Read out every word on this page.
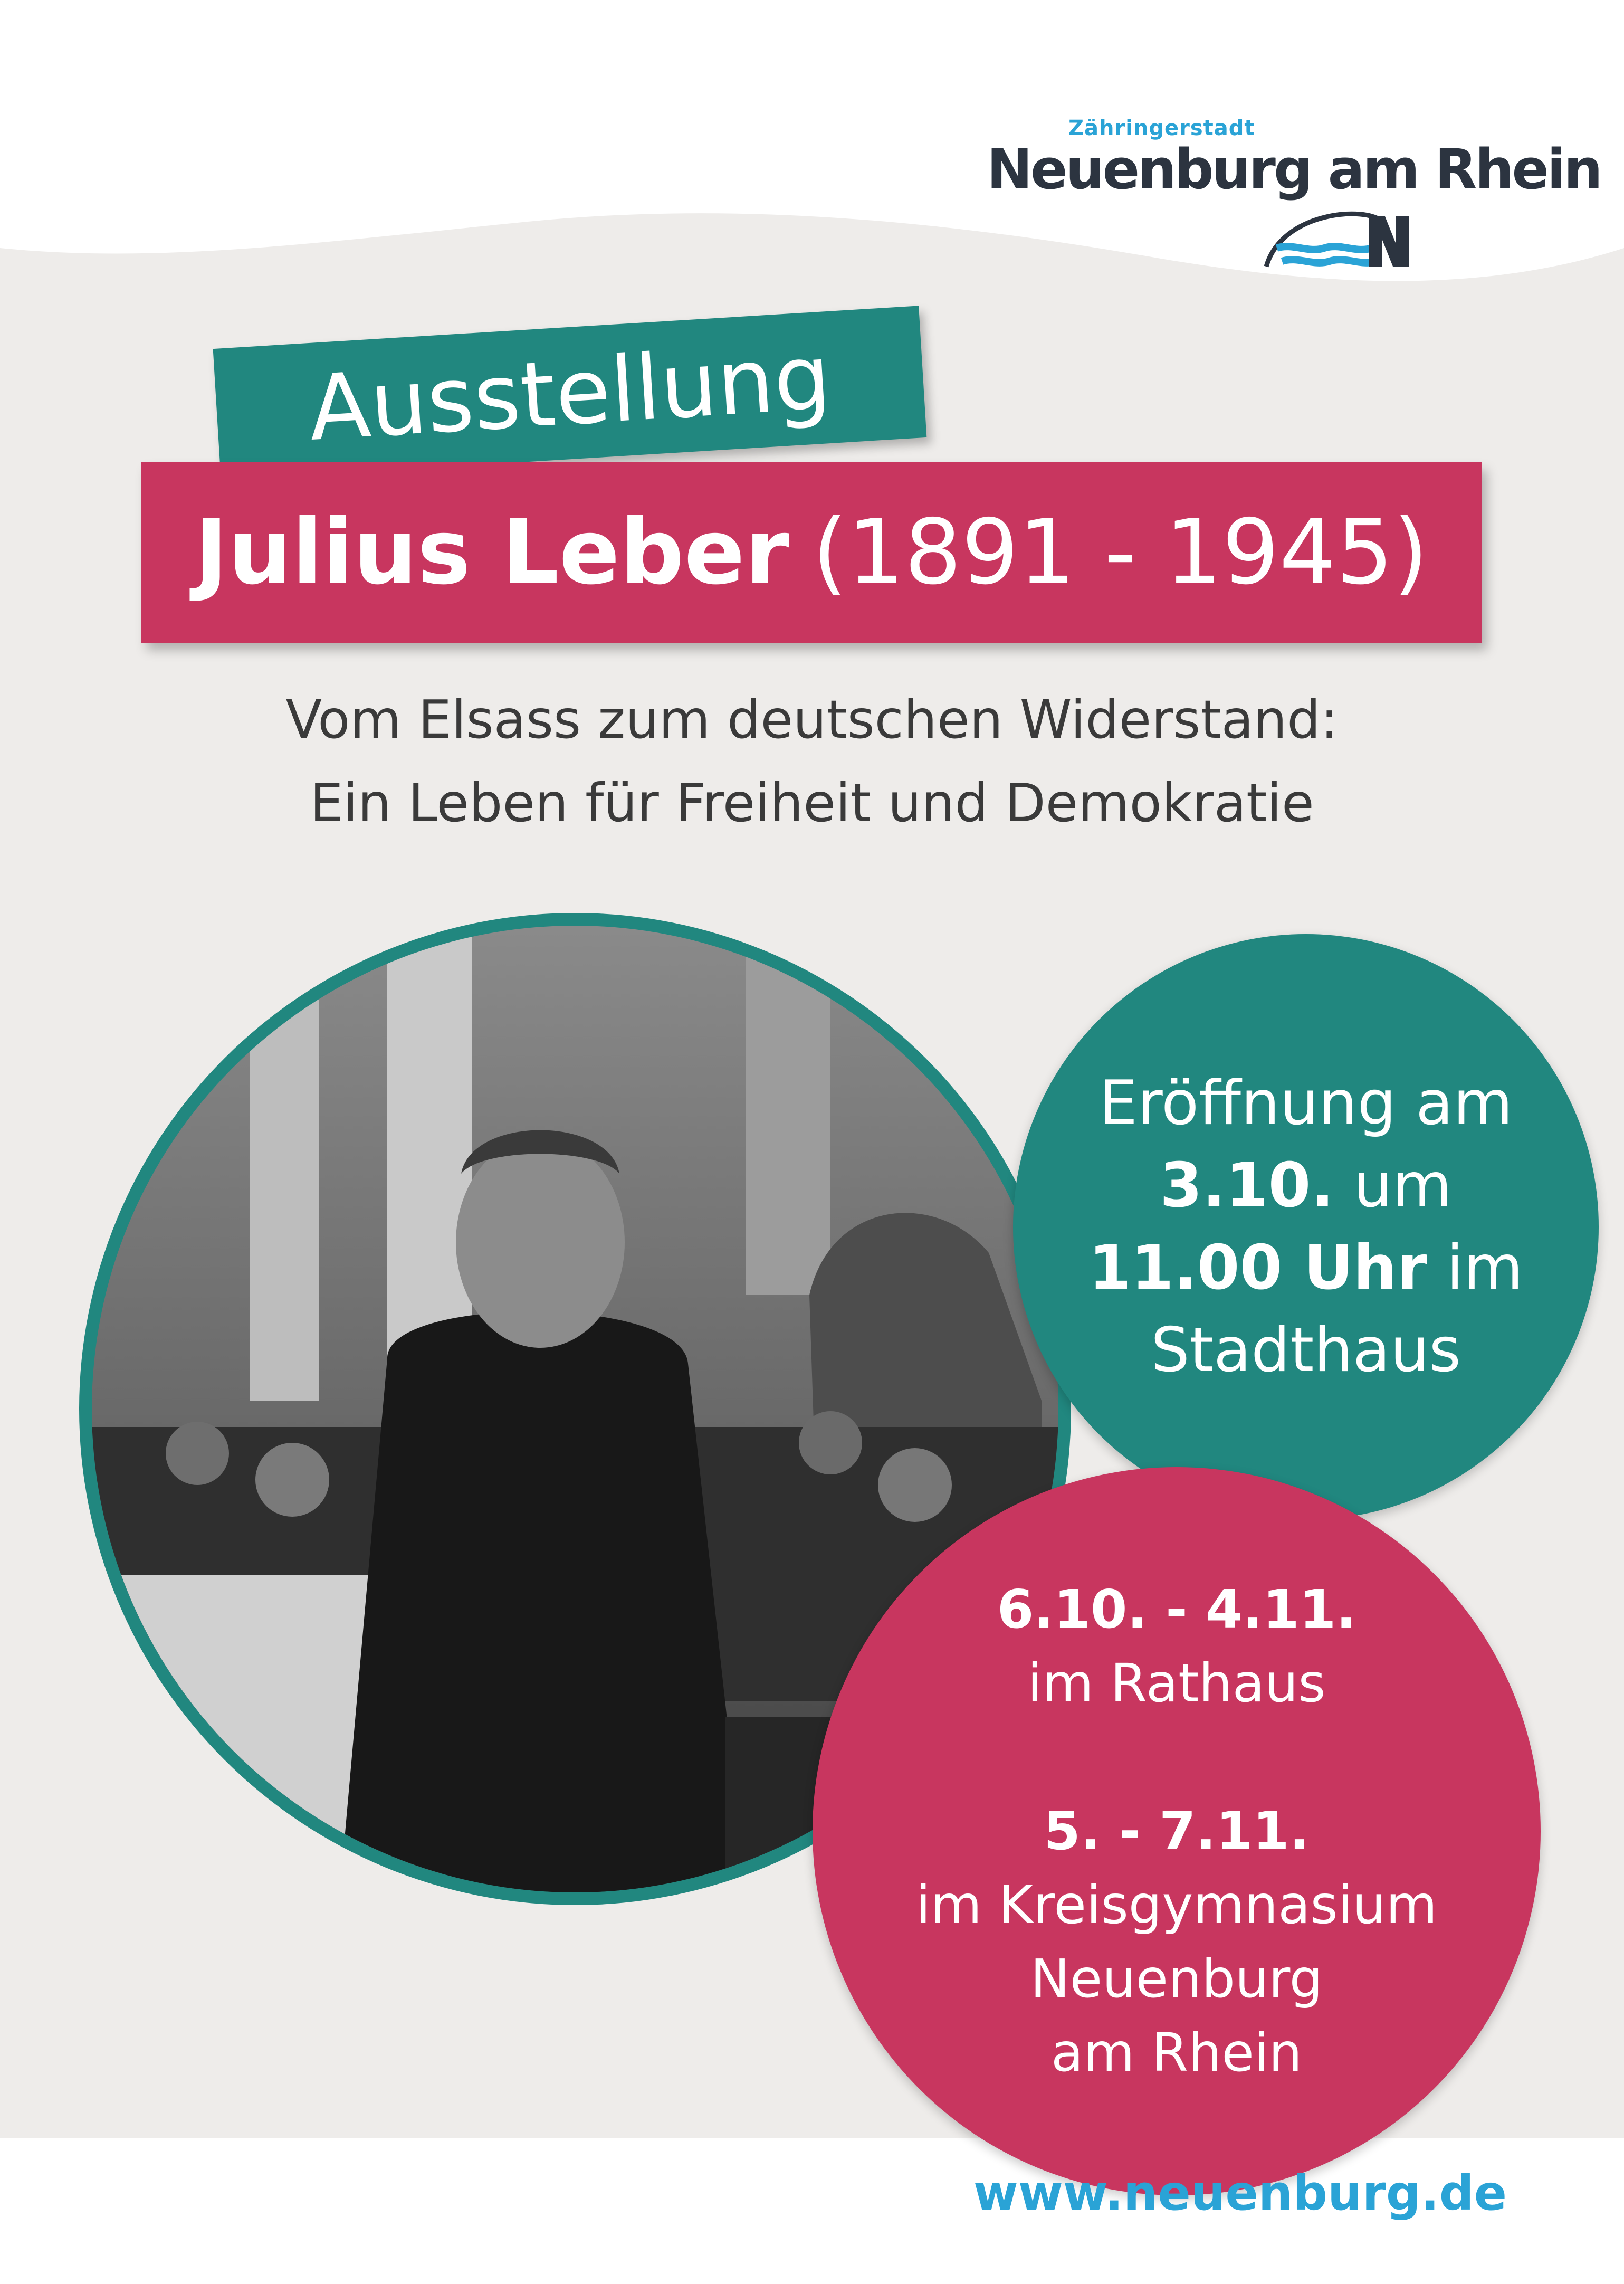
Zähringerstadt
Neuenburg am Rhein
Ausstellung
Julius Leber (1891 - 1945)
Vom Elsass zum deutschen Widerstand:
Ein Leben für Freiheit und Demokratie
Eröffnung am
3.10. um
11.00 Uhr im
Stadthaus
6.10. - 4.11.
im Rathaus
5. - 7.11.
im Kreisgymnasium
Neuenburg
am Rhein
www.neuenburg.de
